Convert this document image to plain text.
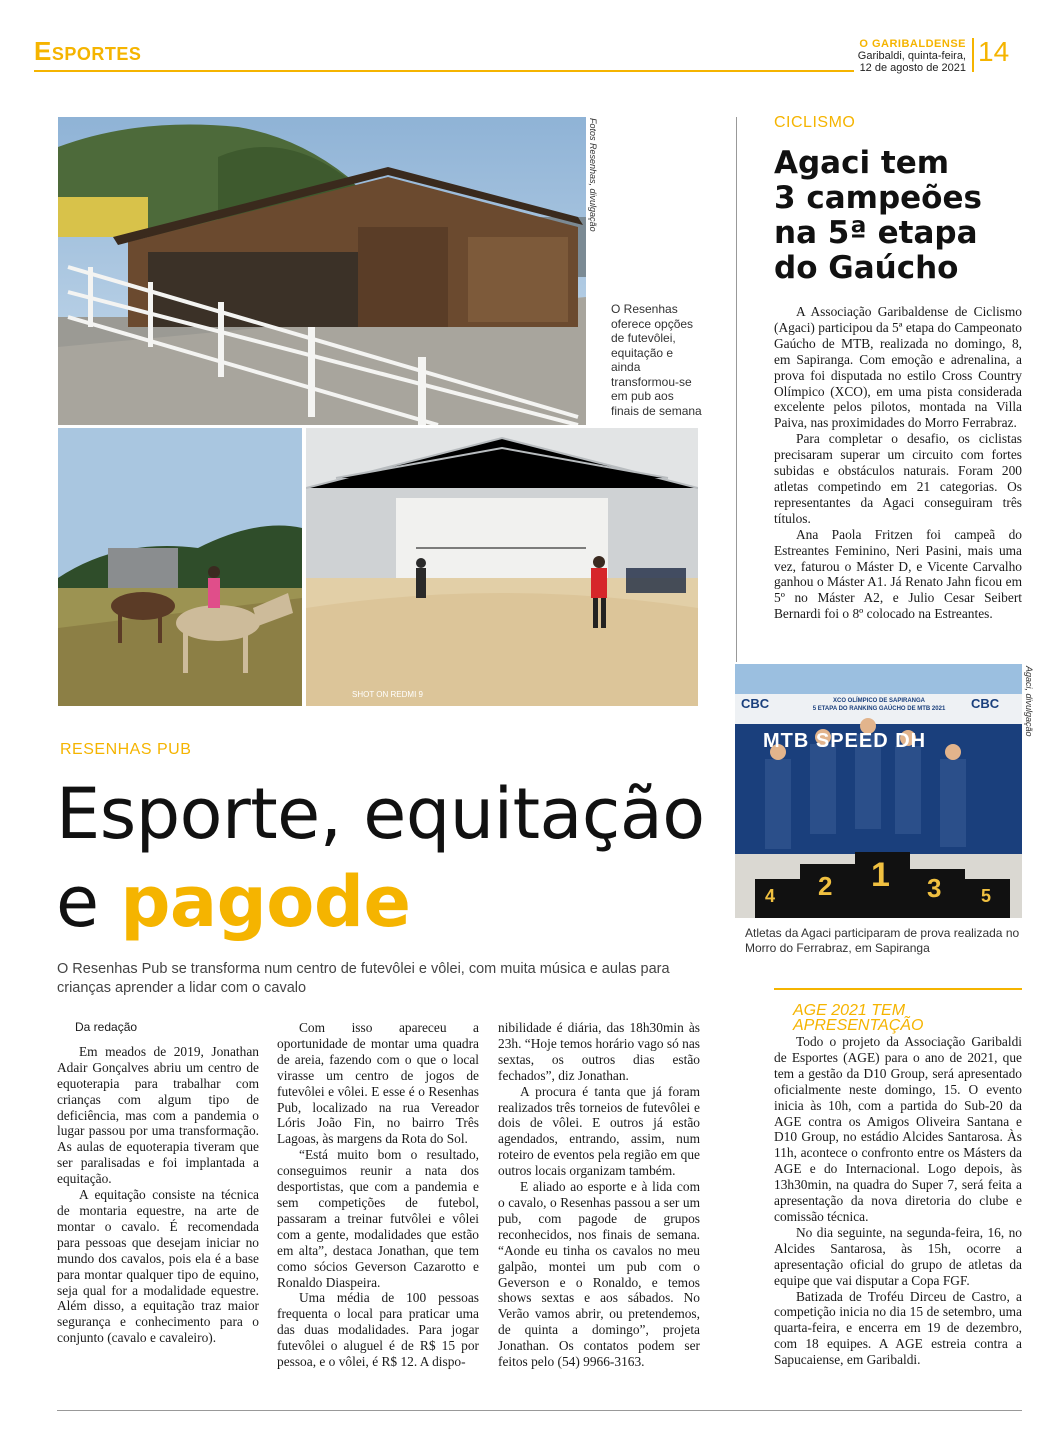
Esportes	O GARIBALDENSE
Garibaldi, quinta-feira,
12 de agosto de 2021
14
Fotos Resenhas, divulgação
O Resenhas oferece opções de futevôlei, equitação e ainda transformou-se em pub aos finais de semana
SHOT ON REDMI 9
RESENHAS PUB
Esporte, equitação
e pagode
O Resenhas Pub se transforma num centro de futevôlei e vôlei, com muita música e aulas para crianças aprender a lidar com o cavalo
Da redação

Em meados de 2019, Jonathan Adair Gonçalves abriu um centro de equoterapia para trabalhar com crianças com algum tipo de deficiência, mas com a pandemia o lugar passou por uma transformação. As aulas de equoterapia tiveram que ser paralisadas e foi implantada a equitação.

A equitação consiste na técnica de montaria equestre, na arte de montar o cavalo. É recomendada para pessoas que desejam iniciar no mundo dos cavalos, pois ela é a base para montar qualquer tipo de equino, seja qual for a modalidade equestre. Além disso, a equitação traz maior segurança e conhecimento para o conjunto (cavalo e cavaleiro).

Com isso apareceu a oportunidade de montar uma quadra de areia, fazendo com o que o local virasse um centro de jogos de futevôlei e vôlei. E esse é o Resenhas Pub, localizado na rua Vereador Lóris João Fin, no bairro Três Lagoas, às margens da Rota do Sol.

“Está muito bom o resultado, conseguimos reunir a nata dos desportistas, que com a pandemia e sem competições de futebol, passaram a treinar futvôlei e vôlei com a gente, modalidades que estão em alta”, destaca Jonathan, que tem como sócios Geverson Cazarotto e Ronaldo Diaspeira.

Uma média de 100 pessoas frequenta o local para praticar uma das duas modalidades. Para jogar futevôlei o aluguel é de R$ 15 por pessoa, e o vôlei, é R$ 12. A dispo-

nibilidade é diária, das 18h30min às 23h. “Hoje temos horário vago só nas sextas, os outros dias estão fechados”, diz Jonathan.

A procura é tanta que já foram realizados três torneios de futevôlei e dois de vôlei. E outros já estão agendados, entrando, assim, num roteiro de eventos pela região em que outros locais organizam também.

E aliado ao esporte e à lida com o cavalo, o Resenhas passou a ser um pub, com pagode de grupos reconhecidos, nos finais de semana. “Aonde eu tinha os cavalos no meu galpão, montei um pub com o Geverson e o Ronaldo, e temos shows sextas e aos sábados. No Verão vamos abrir, ou pretendemos, de quinta a domingo”, projeta Jonathan. Os contatos podem ser feitos pelo (54) 9966-3163.

CICLISMO
Agaci tem
3 campeões
na 5ª etapa
do Gaúcho

A Associação Garibaldense de Ciclismo (Agaci) participou da 5ª etapa do Campeonato Gaúcho de MTB, realizada no domingo, 8, em Sapiranga. Com emoção e adrenalina, a prova foi disputada no estilo Cross Country Olímpico (XCO), em uma pista considerada excelente pelos pilotos, montada na Villa Paiva, nas proximidades do Morro Ferrabraz.

Para completar o desafio, os ciclistas precisaram superar um circuito com fortes subidas e obstáculos naturais. Foram 200 atletas competindo em 21 categorias. Os representantes da Agaci conseguiram três títulos.

Ana Paola Fritzen foi campeã do Estreantes Feminino, Neri Pasini, mais uma vez, faturou o Máster D, e Vicente Carvalho ganhou o Máster A1. Já Renato Jahn ficou em 5º no Máster A2, e Julio Cesar Seibert Bernardi foi o 8º colocado na Estreantes.

CBC	XCO OLÍMPICO DE SAPIRANGA
5 ETAPA DO RANKING GAÚCHO DE MTB 2021	CBC
MTB SPEED DH
4 2 1 3 5
Agaci, divulgação
Atletas da Agaci participaram de prova realizada no Morro do Ferrabraz, em Sapiranga
AGE 2021 TEM
APRESENTAÇÃO

Todo o projeto da Associação Garibaldi de Esportes (AGE) para o ano de 2021, que tem a gestão da D10 Group, será apresentado oficialmente neste domingo, 15. O evento inicia às 10h, com a partida do Sub-20 da AGE contra os Amigos Oliveira Santana e D10 Group, no estádio Alcides Santarosa. Às 11h, acontece o confronto entre os Másters da AGE e do Internacional. Logo depois, às 13h30min, na quadra do Super 7, será feita a apresentação da nova diretoria do clube e comissão técnica.

No dia seguinte, na segunda-feira, 16, no Alcides Santarosa, às 15h, ocorre a apresentação oficial do grupo de atletas da equipe que vai disputar a Copa FGF.

Batizada de Troféu Dirceu de Castro, a competição inicia no dia 15 de setembro, uma quarta-feira, e encerra em 19 de dezembro, com 18 equipes. A AGE estreia contra a Sapucaiense, em Garibaldi.
